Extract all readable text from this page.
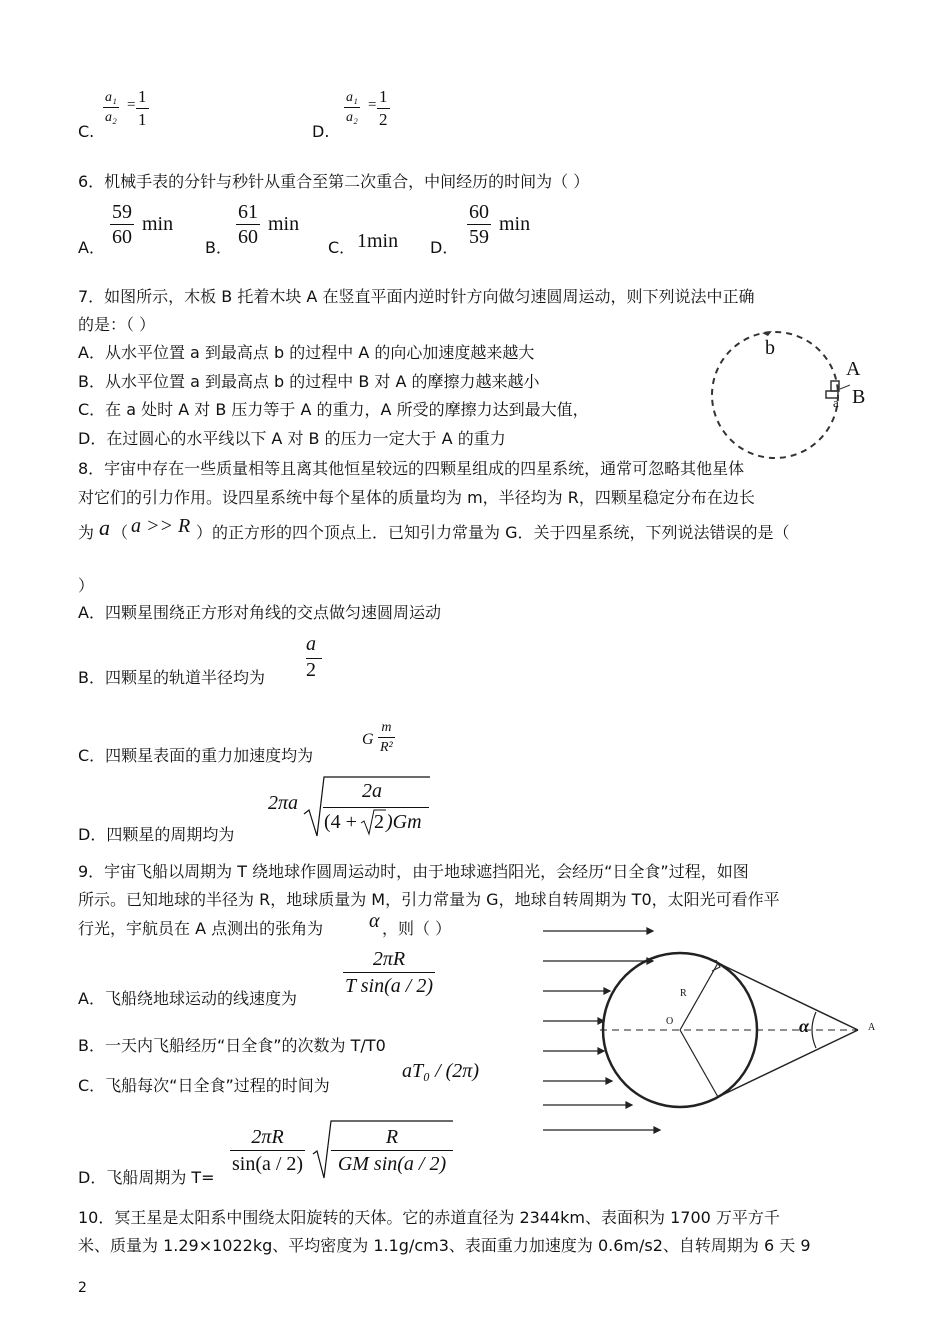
C.
$\frac{\text{a₁}}{\text{a₂}} = \frac{1}{1}$
D.
$\frac{\text{a₁}}{\text{a₂}} = \frac{1}{2}$
6．机械手表的分针与秒针从重合至第二次重合，中间经历的时间为（ ）
A． $\frac{59}{60}$ min
B． $\frac{61}{60}$ min
C． 1min D． $\frac{60}{59}$ min
7．如图所示，木板 B 托着木块 A 在竖直平面内逆时针方向做匀速圆周运动，则下列说法中正确
的是：（ ）
A．从水平位置 a 到最高点 b 的过程中 A 的向心加速度越来越大
B．从水平位置 a 到最高点 b 的过程中 B 对 A 的摩擦力越来越小
C．在 a 处时 A 对 B 压力等于 A 的重力，A 所受的摩擦力达到最大值，
D．在过圆心的水平线以下 A 对 B 的压力一定大于 A 的重力
b
A
B
a
8．宇宙中存在一些质量相等且离其他恒星较远的四颗星组成的四星系统，通常可忽略其他星体
对它们的引力作用。设四星系统中每个星体的质量均为 m，半径均为 R，四颗星稳定分布在边长
为 a （ a >> R ）的正方形的四个顶点上．已知引力常量为 G．关于四星系统，下列说法错误的是（
）
A．四颗星围绕正方形对角线的交点做匀速圆周运动
B．四颗星的轨道半径均为
a
2
C．四颗星表面的重力加速度均为
G $\frac{m}{\text{R²}}$
D．四颗星的周期均为
2πa
2a
(4 + 2 )Gm
9．宇宙飞船以周期为 T 绕地球作圆周运动时，由于地球遮挡阳光，会经历“日全食”过程，如图
所示。已知地球的半径为 R，地球质量为 M，引力常量为 G，地球自转周期为 T0，太阳光可看作平
行光，宇航员在 A 点测出的张角为 α ，则（ ）
A．飞船绕地球运动的线速度为 $\frac{2\pi R}{\text{T sin(a / 2)}}$
B．一天内飞船经历“日全食”的次数为 T/T0
C．飞船每次“日全食”过程的时间为
aT₀ / (2π)
D．飞船周期为 T=
$\frac{2\pi R}{\sin(a / 2)} \frac{R}{\text{GM sin(a / 2)}}$
R
O	α	A
10．冥王星是太阳系中围绕太阳旋转的天体。它的赤道直径为 2344km、表面积为 1700 万平方千
米、质量为 1.29×1022kg、平均密度为 1.1g/cm3、表面重力加速度为 0.6m/s2、自转周期为 6 天 9
2
